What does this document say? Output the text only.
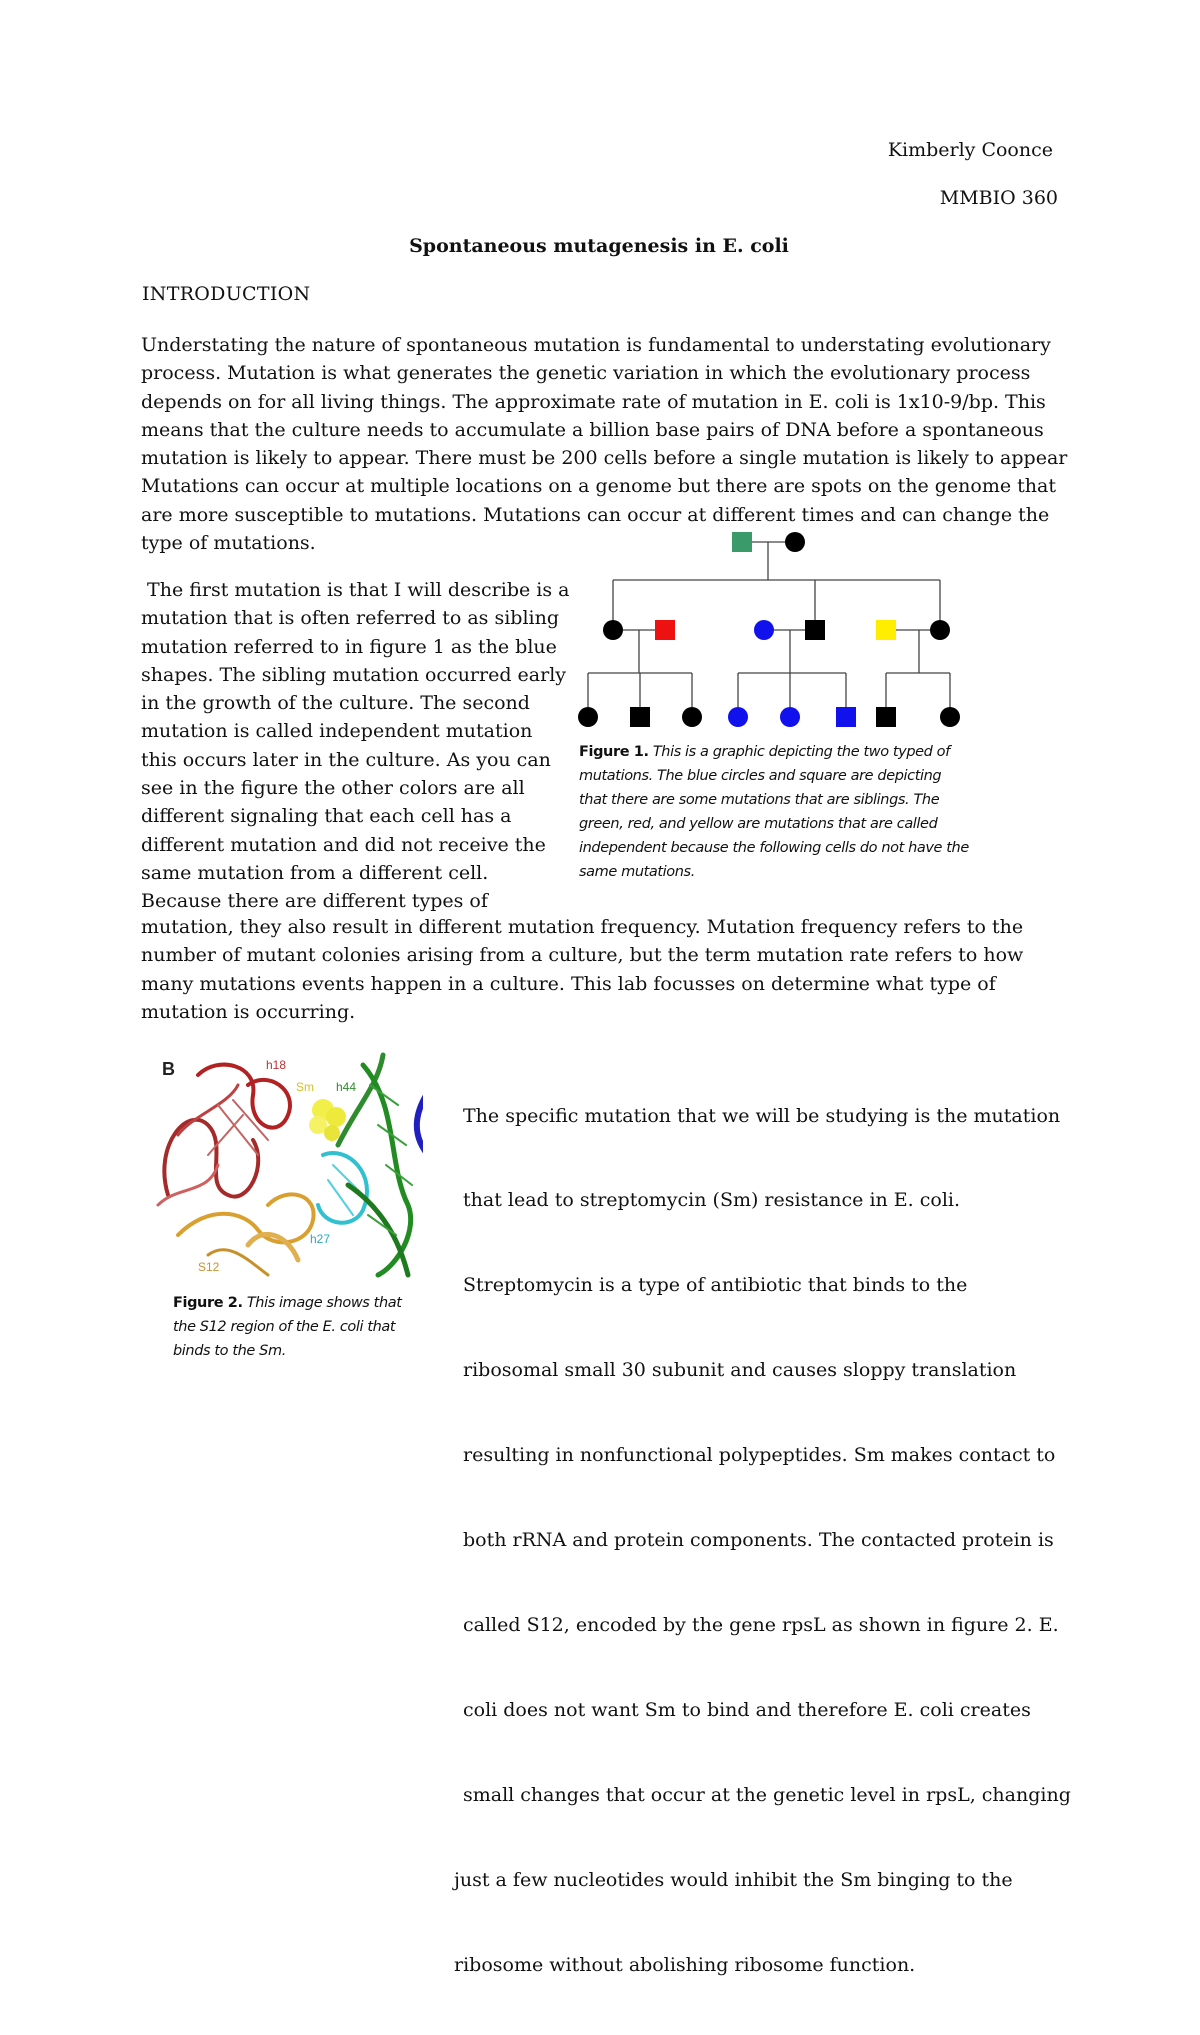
Kimberly Coonce
MMBIO 360
Spontaneous mutagenesis in E. coli
INTRODUCTION
Understating the nature of spontaneous mutation is fundamental to understating evolutionary
process. Mutation is what generates the genetic variation in which the evolutionary process
depends on for all living things. The approximate rate of mutation in E. coli is 1x10-9/bp. This
means that the culture needs to accumulate a billion base pairs of DNA before a spontaneous
mutation is likely to appear. There must be 200 cells before a single mutation is likely to appear
Mutations can occur at multiple locations on a genome but there are spots on the genome that
are more susceptible to mutations. Mutations can occur at different times and can change the
type of mutations.
Figure 1. This is a graphic depicting the two typed of
mutations. The blue circles and square are depicting
that there are some mutations that are siblings. The
green, red, and yellow are mutations that are called
independent because the following cells do not have the
same mutations.
The first mutation is that I will describe is a
mutation that is often referred to as sibling
mutation referred to in figure 1 as the blue
shapes. The sibling mutation occurred early
in the growth of the culture. The second
mutation is called independent mutation
this occurs later in the culture. As you can
see in the figure the other colors are all
different signaling that each cell has a
different mutation and did not receive the
same mutation from a different cell.
Because there are different types of
mutation, they also result in different mutation frequency. Mutation frequency refers to the
number of mutant colonies arising from a culture, but the term mutation rate refers to how
many mutations events happen in a culture. This lab focusses on determine what type of
mutation is occurring.
B	h18
Sm h44
h27
S12
Figure 2. This image shows that
the S12 region of the E. coli that
binds to the Sm.

The specific mutation that we will be studying is the mutation

that lead to streptomycin (Sm) resistance in E. coli.

Streptomycin is a type of antibiotic that binds to the

ribosomal small 30 subunit and causes sloppy translation

resulting in nonfunctional polypeptides. Sm makes contact to

both rRNA and protein components. The contacted protein is

called S12, encoded by the gene rpsL as shown in figure 2. E.

coli does not want Sm to bind and therefore E. coli creates

small changes that occur at the genetic level in rpsL, changing

just a few nucleotides would inhibit the Sm binging to the

ribosome without abolishing ribosome function.
